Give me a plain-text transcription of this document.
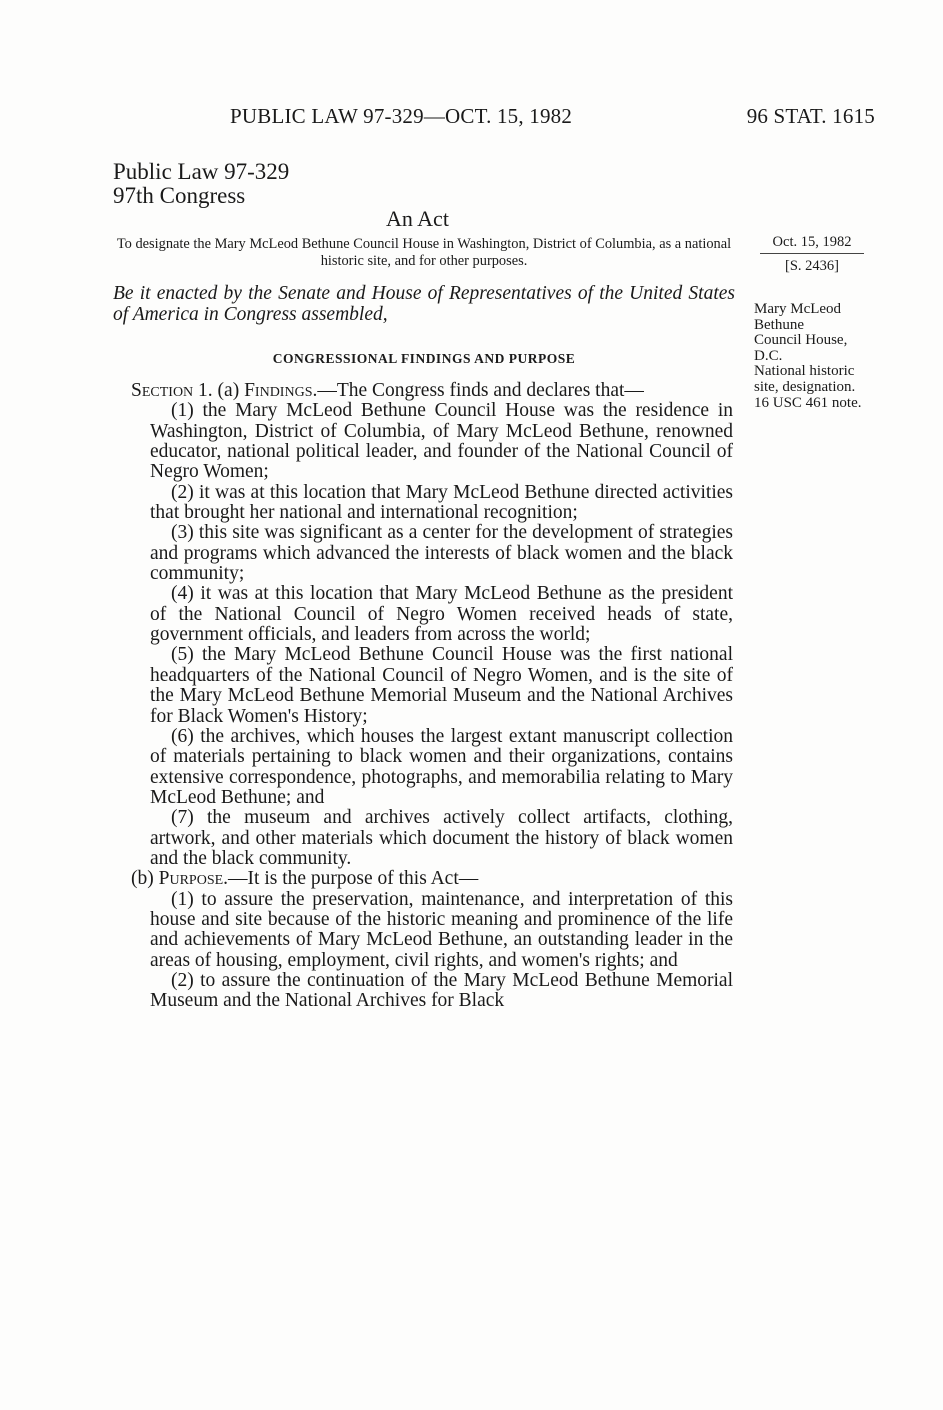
PUBLIC LAW 97-329—OCT. 15, 1982	96 STAT. 1615
Public Law 97-329
97th Congress
An Act
To designate the Mary McLeod Bethune Council House in Washington, District of Columbia, as a national historic site, and for other purposes.
Oct. 15, 1982
[S. 2436]
Mary McLeod
Bethune
Council House,
D.C.
National historic
site, designation.
16 USC 461 note.
Be it enacted by the Senate and House of Representatives of the United States of America in Congress assembled,
CONGRESSIONAL FINDINGS AND PURPOSE

Section 1. (a) Findings.—The Congress finds and declares that—

(1) the Mary McLeod Bethune Council House was the residence in Washington, District of Columbia, of Mary McLeod Bethune, renowned educator, national political leader, and founder of the National Council of Negro Women;

(2) it was at this location that Mary McLeod Bethune directed activities that brought her national and international recognition;

(3) this site was significant as a center for the development of strategies and programs which advanced the interests of black women and the black community;

(4) it was at this location that Mary McLeod Bethune as the president of the National Council of Negro Women received heads of state, government officials, and leaders from across the world;

(5) the Mary McLeod Bethune Council House was the first national headquarters of the National Council of Negro Women, and is the site of the Mary McLeod Bethune Memorial Museum and the National Archives for Black Women's History;

(6) the archives, which houses the largest extant manuscript collection of materials pertaining to black women and their organizations, contains extensive correspondence, photographs, and memorabilia relating to Mary McLeod Bethune; and

(7) the museum and archives actively collect artifacts, clothing, artwork, and other materials which document the history of black women and the black community.

(b) Purpose.—It is the purpose of this Act—

(1) to assure the preservation, maintenance, and interpretation of this house and site because of the historic meaning and prominence of the life and achievements of Mary McLeod Bethune, an outstanding leader in the areas of housing, employment, civil rights, and women's rights; and

(2) to assure the continuation of the Mary McLeod Bethune Memorial Museum and the National Archives for Black
